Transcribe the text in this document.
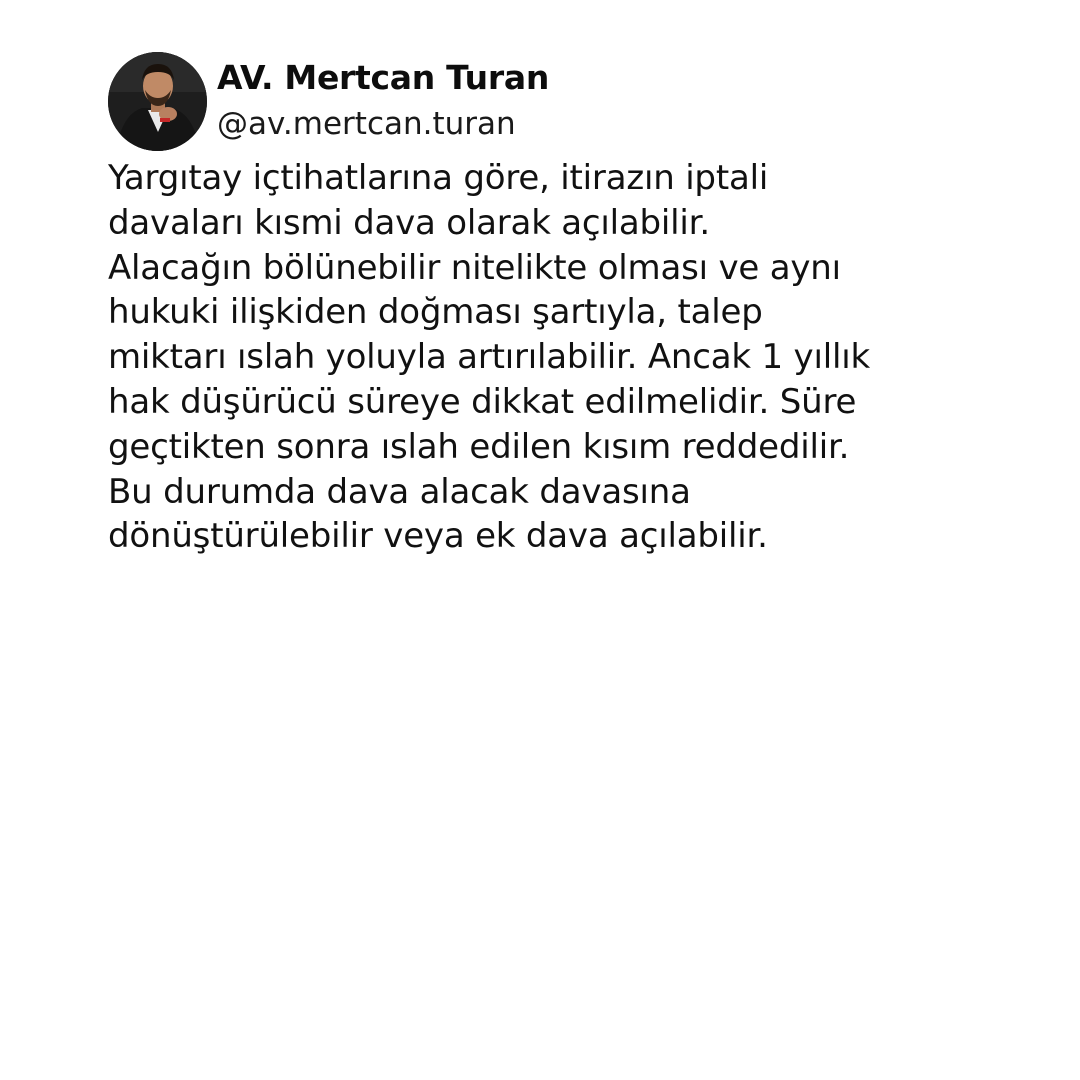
AV. Mertcan Turan
@av.mertcan.turan
Yargıtay içtihatlarına göre, itirazın iptali
davaları kısmi dava olarak açılabilir.
Alacağın bölünebilir nitelikte olması ve aynı
hukuki ilişkiden doğması şartıyla, talep
miktarı ıslah yoluyla artırılabilir. Ancak 1 yıllık
hak düşürücü süreye dikkat edilmelidir. Süre
geçtikten sonra ıslah edilen kısım reddedilir.
Bu durumda dava alacak davasına
dönüştürülebilir veya ek dava açılabilir.
